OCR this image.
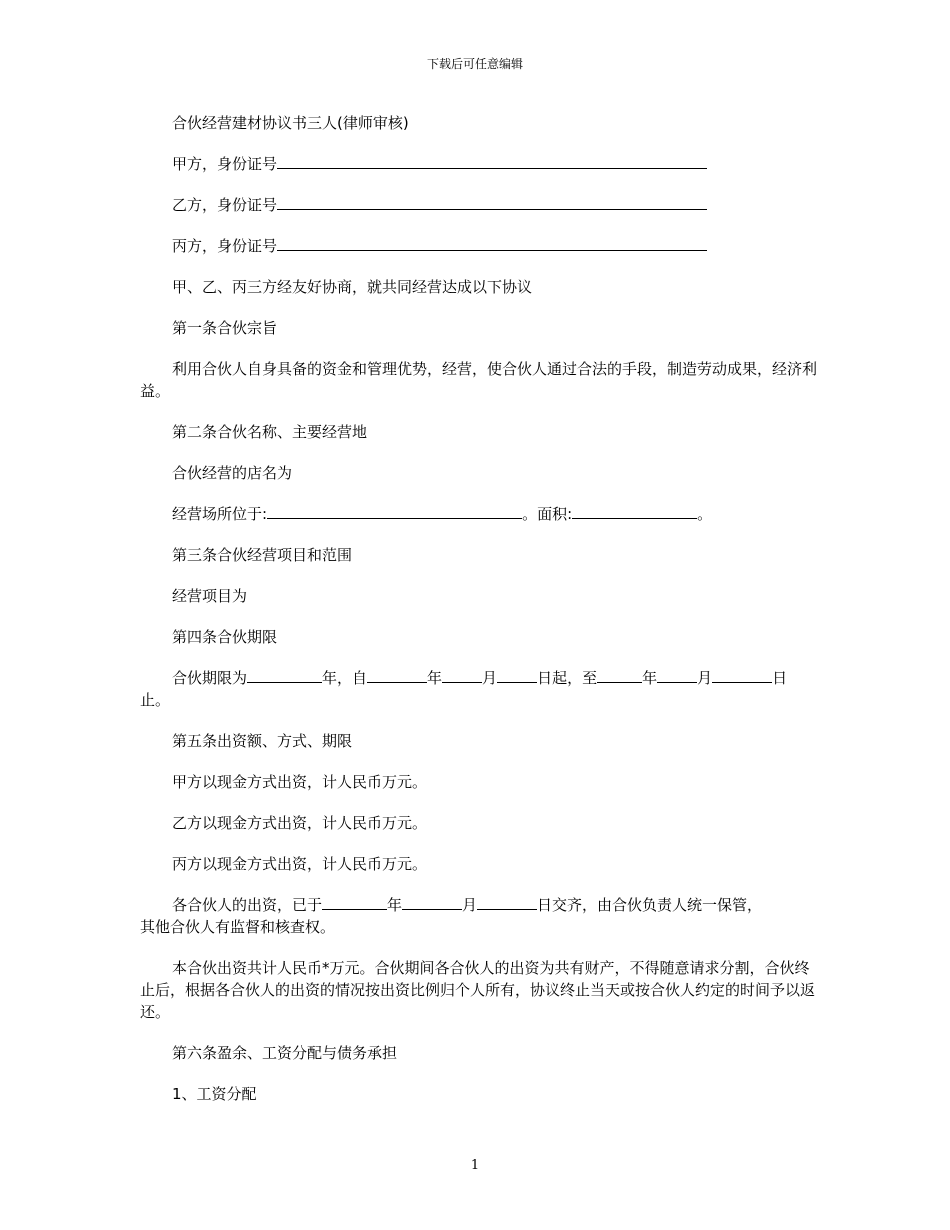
下载后可任意编辑

合伙经营建材协议书三人(律师审核)

甲方，身份证号

乙方，身份证号

丙方，身份证号

甲、乙、丙三方经友好协商，就共同经营达成以下协议

第一条合伙宗旨

利用合伙人自身具备的资金和管理优势，经营，使合伙人通过合法的手段，制造劳动成果，经济利益。

第二条合伙名称、主要经营地

合伙经营的店名为

经营场所位于:	。面积:	。

第三条合伙经营项目和范围

经营项目为

第四条合伙期限

合伙期限为	年，自	年	月	日起，至	年	月	日 止。

第五条出资额、方式、期限

甲方以现金方式出资，计人民币万元。

乙方以现金方式出资，计人民币万元。

丙方以现金方式出资，计人民币万元。

各合伙人的出资，已于	年	月	日交齐，由合伙负责人统一保管，
其他合伙人有监督和核查权。

本合伙出资共计人民币*万元。合伙期间各合伙人的出资为共有财产，不得随意请求分割，合伙终止后，根据各合伙人的出资的情况按出资比例归个人所有，协议终止当天或按合伙人约定的时间予以返还。

第六条盈余、工资分配与债务承担

1、工资分配

1
